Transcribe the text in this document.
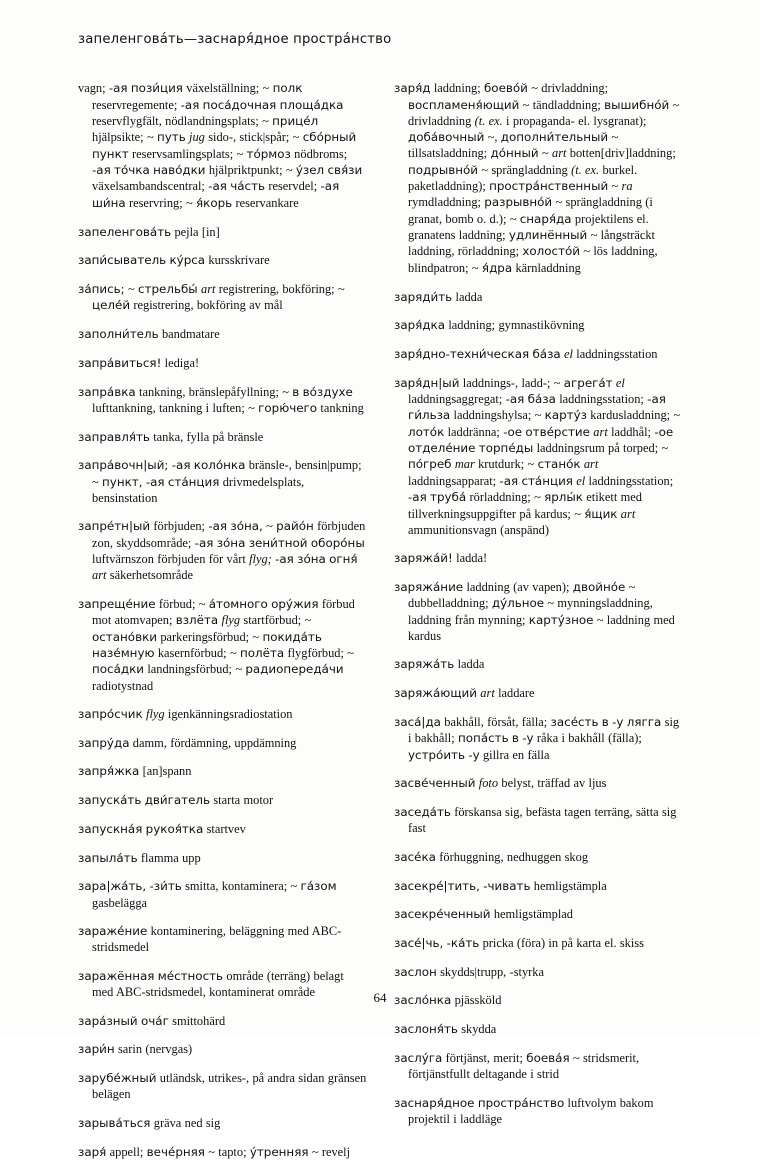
запеленгова́ть—заснаря́дное простра́нство

vagn; -ая пози́ция växelställning; ~ полк reservregemente; -ая поса́дочная площа́дка reservflygfält, nödlandningsplats; ~ прице́л hjälpsikte; ~ путь jug sido-, stick|spår; ~ сбо́рный пункт reservsamlingsplats; ~ то́рмоз nödbroms; -ая то́чка наво́дки hjälpriktpunkt; ~ у́зел свя́зи växelsambandscentral; -ая ча́сть reservdel; -ая ши́на reservring; ~ я́корь reservankare

запеленгова́ть pejla [in]

запи́сыватель ку́рса kursskrivare

за́пись; ~ стрельбы́ art registrering, bokföring; ~ целе́й registrering, bokföring av mål

заполни́тель bandmatare

запра́виться! lediga!

запра́вка tankning, bränslepåfyllning; ~ в во́здухе lufttankning, tankning i luften; ~ горю́чего tankning

заправля́ть tanka, fylla på bränsle

запра́вочн|ый; -ая коло́нка bränsle-, bensin|pump; ~ пункт, -ая ста́нция drivmedelsplats, bensinstation

запре́тн|ый förbjuden; -ая зо́на, ~ райо́н förbjuden zon, skyddsområde; -ая зо́на зени́тной оборо́ны luftvärnszon förbjuden för vårt flyg; -ая зо́на огня́ art säkerhetsområde

запреще́ние förbud; ~ а́томного ору́жия förbud mot atomvapen; взлёта flyg startförbud; ~ остано́вки parkeringsförbud; ~ покида́ть назе́мную kasernförbud; ~ полёта flygförbud; ~ поса́дки landningsförbud; ~ радиопереда́чи radiotystnad

запро́счик flyg igenkänningsradiostation

запру́да damm, fördämning, uppdämning

запря́жка [an]spann

запуска́ть дви́гатель starta motor

запускна́я рукоя́тка startvev

запыла́ть flamma upp

зара|жа́ть, -зи́ть smitta, kontaminera; ~ га́зом gasbelägga

зараже́ние kontaminering, beläggning med ABC-stridsmedel

заражённая ме́стность område (terräng) belagt med ABC-stridsmedel, kontaminerat område

зара́зный оча́г smittohärd

зари́н sarin (nervgas)

зарубе́жный utländsk, utrikes-, på andra sidan gränsen belägen

зарыва́ться gräva ned sig

заря́ appell; вече́рняя ~ tapto; у́тренняя ~ revelj

заря́д laddning; боево́й ~ drivladdning; воспламеня́ющий ~ tändladdning; вышибно́й ~ drivladdning (t. ex. i propaganda- el. lysgranat); доба́вочный ~, дополни́тельный ~ tillsatsladdning; до́нный ~ art botten[driv]laddning; подрывно́й ~ sprängladdning (t. ex. burkel. paketladdning); простра́нственный ~ ra rymdladdning; разрывно́й ~ sprängladdning (i granat, bomb o. d.); ~ снаря́да projektilens el. granatens laddning; удлинённый ~ långsträckt laddning, rörladdning; холосто́й ~ lös laddning, blindpatron; ~ я́дра kärnladdning

заряди́ть ladda

заря́дка laddning; gymnastikövning

заря́дно-техни́ческая ба́за el laddningsstation

заря́дн|ый laddnings-, ladd-; ~ агрега́т el laddningsaggregat; -ая ба́за laddningsstation; -ая ги́льза laddningshylsa; ~ карту́з kardusladdning; ~ лото́к laddränna; -ое отве́рстие art laddhål; -ое отделе́ние торпе́ды laddningsrum på torped; ~ по́греб mar krutdurk; ~ стано́к art laddningsapparat; -ая ста́нция el laddningsstation; -ая труба́ rörladdning; ~ ярлы́к etikett med tillverkningsuppgifter på kardus; ~ я́щик art ammunitionsvagn (anspänd)

заряжа́й! ladda!

заряжа́ние laddning (av vapen); двойно́е ~ dubbelladdning; ду́льное ~ mynningsladdning, laddning från mynning; карту́зное ~ laddning med kardus

заряжа́ть ladda

заряжа́ющий art laddare

заса́|да bakhåll, försåt, fälla; засе́сть в -у лягга sig i bakhåll; попа́сть в -у råka i bakhåll (fälla); устро́ить -у gillra en fälla

засве́ченный foto belyst, träffad av ljus

заседа́ть förskansa sig, befästa tagen terräng, sätta sig fast

засе́ка förhuggning, nedhuggen skog

засекре́|тить, -чивать hemligstämpla

засекре́ченный hemligstämplad

засе́|чь, -ка́ть pricka (föra) in på karta el. skiss

заслон skydds|trupp, -styrka

засло́нка pjässköld

заслоня́ть skydda

заслу́га förtjänst, merit; боева́я ~ stridsmerit, förtjänstfullt deltagande i strid

заснаря́дное простра́нство luftvolym bakom projektil i laddläge

64
